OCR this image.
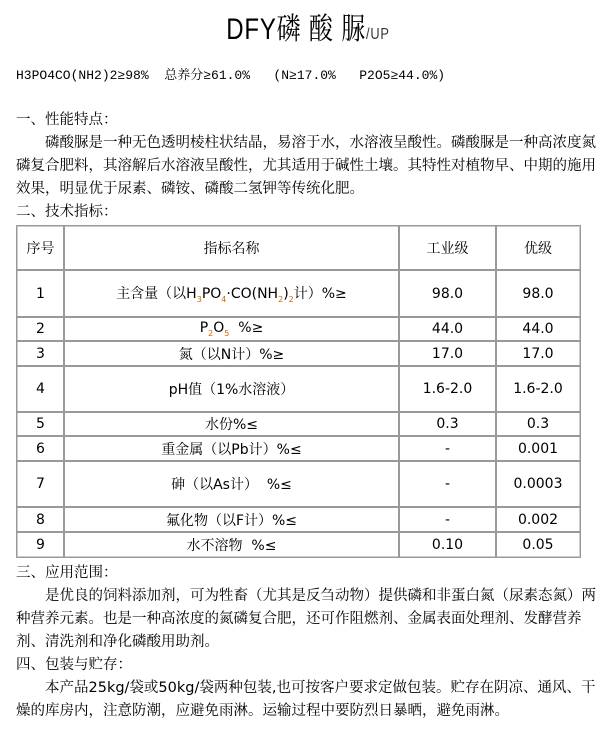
DFY磷 酸 脲/UP
H3PO4CO(NH2)2≥98%  总养分≥61.0%   (N≥17.0%   P2O5≥44.0%)
一、性能特点：
磷酸脲是一种无色透明棱柱状结晶，易溶于水，水溶液呈酸性。磷酸脲是一种高浓度氮磷复合肥料，其溶解后水溶液呈酸性，尤其适用于碱性土壤。其特性对植物早、中期的施用效果，明显优于尿素、磷铵、磷酸二氢钾等传统化肥。
二、技术指标：
序号	指标名称	工业级	优级
1	主含量（以$H_3PO_4\cdot CO(NH_2)_2$计）%≥	98.0	98.0
2	$P_2O_5$  %≥	44.0	44.0
3	氮（以N计）%≥	17.0	17.0
4	pH值（1%水溶液）	1.6-2.0	1.6-2.0
5	水份%≤	0.3	0.3
6	重金属（以Pb计）%≤	-	0.001
7	砷（以As计）  %≤	-	0.0003
8	氟化物（以F计）%≤	-	0.002
9	水不溶物  %≤	0.10	0.05
三、应用范围：
是优良的饲料添加剂，可为牲畜（尤其是反刍动物）提供磷和非蛋白氮（尿素态氮）两种营养元素。也是一种高浓度的氮磷复合肥，还可作阻燃剂、金属表面处理剂、发酵营养剂、清洗剂和净化磷酸用助剂。
四、包装与贮存：
本产品25kg/袋或50kg/袋两种包装,也可按客户要求定做包装。贮存在阴凉、通风、干燥的库房内，注意防潮，应避免雨淋。运输过程中要防烈日暴晒，避免雨淋。
